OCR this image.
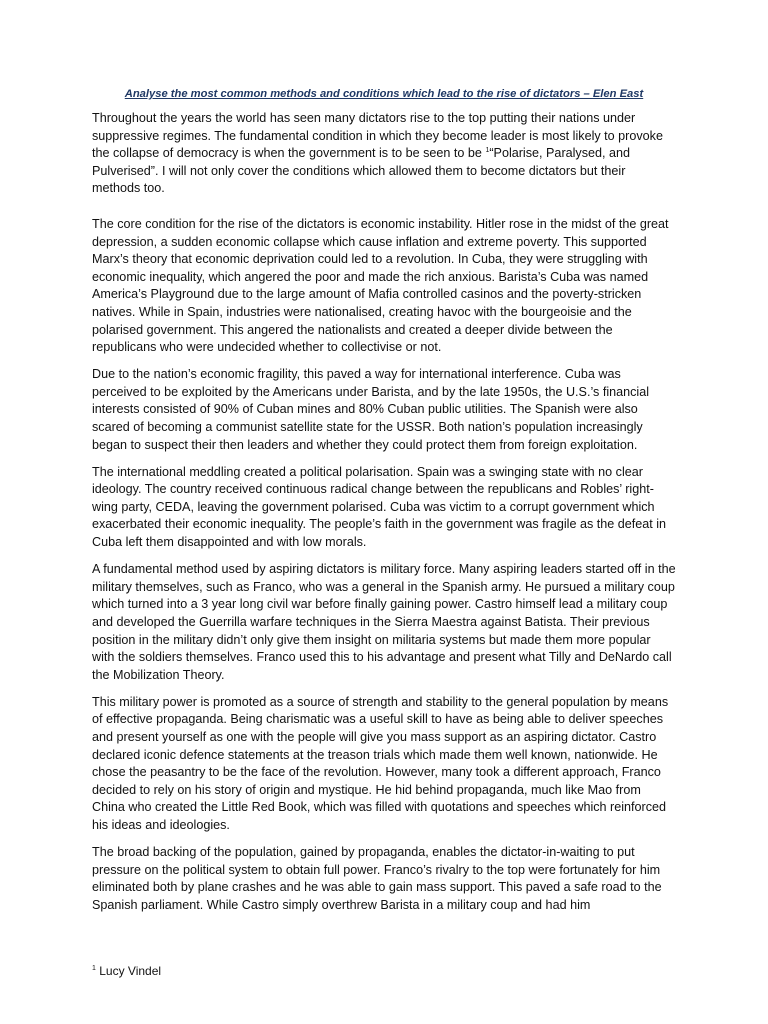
Analyse the most common methods and conditions which lead to the rise of dictators – Elen East

Throughout the years the world has seen many dictators rise to the top putting their nations under suppressive regimes. The fundamental condition in which they become leader is most likely to provoke the collapse of democracy is when the government is to be seen to be $^1$“Polarise, Paralysed, and Pulverised”. I will not only cover the conditions which allowed them to become dictators but their methods too.

The core condition for the rise of the dictators is economic instability. Hitler rose in the midst of the great depression, a sudden economic collapse which cause inflation and extreme poverty. This supported Marx’s theory that economic deprivation could led to a revolution. In Cuba, they were struggling with economic inequality, which angered the poor and made the rich anxious. Barista’s Cuba was named America’s Playground due to the large amount of Mafia controlled casinos and the poverty-stricken natives. While in Spain, industries were nationalised, creating havoc with the bourgeoisie and the polarised government. This angered the nationalists and created a deeper divide between the republicans who were undecided whether to collectivise or not.

Due to the nation’s economic fragility, this paved a way for international interference. Cuba was perceived to be exploited by the Americans under Barista, and by the late 1950s, the U.S.’s financial interests consisted of 90% of Cuban mines and 80% Cuban public utilities. The Spanish were also scared of becoming a communist satellite state for the USSR. Both nation’s population increasingly began to suspect their then leaders and whether they could protect them from foreign exploitation.

The international meddling created a political polarisation. Spain was a swinging state with no clear ideology. The country received continuous radical change between the republicans and Robles’ right-wing party, CEDA, leaving the government polarised. Cuba was victim to a corrupt government which exacerbated their economic inequality. The people’s faith in the government was fragile as the defeat in Cuba left them disappointed and with low morals.

A fundamental method used by aspiring dictators is military force. Many aspiring leaders started off in the military themselves, such as Franco, who was a general in the Spanish army. He pursued a military coup which turned into a 3 year long civil war before finally gaining power. Castro himself lead a military coup and developed the Guerrilla warfare techniques in the Sierra Maestra against Batista. Their previous position in the military didn’t only give them insight on militaria systems but made them more popular with the soldiers themselves. Franco used this to his advantage and present what Tilly and DeNardo call the Mobilization Theory.

This military power is promoted as a source of strength and stability to the general population by means of effective propaganda. Being charismatic was a useful skill to have as being able to deliver speeches and present yourself as one with the people will give you mass support as an aspiring dictator. Castro declared iconic defence statements at the treason trials which made them well known, nationwide. He chose the peasantry to be the face of the revolution. However, many took a different approach, Franco decided to rely on his story of origin and mystique. He hid behind propaganda, much like Mao from China who created the Little Red Book, which was filled with quotations and speeches which reinforced his ideas and ideologies.

The broad backing of the population, gained by propaganda, enables the dictator-in-waiting to put pressure on the political system to obtain full power. Franco’s rivalry to the top were fortunately for him eliminated both by plane crashes and he was able to gain mass support. This paved a safe road to the Spanish parliament. While Castro simply overthrew Barista in a military coup and had him

$^1$ Lucy Vindel
